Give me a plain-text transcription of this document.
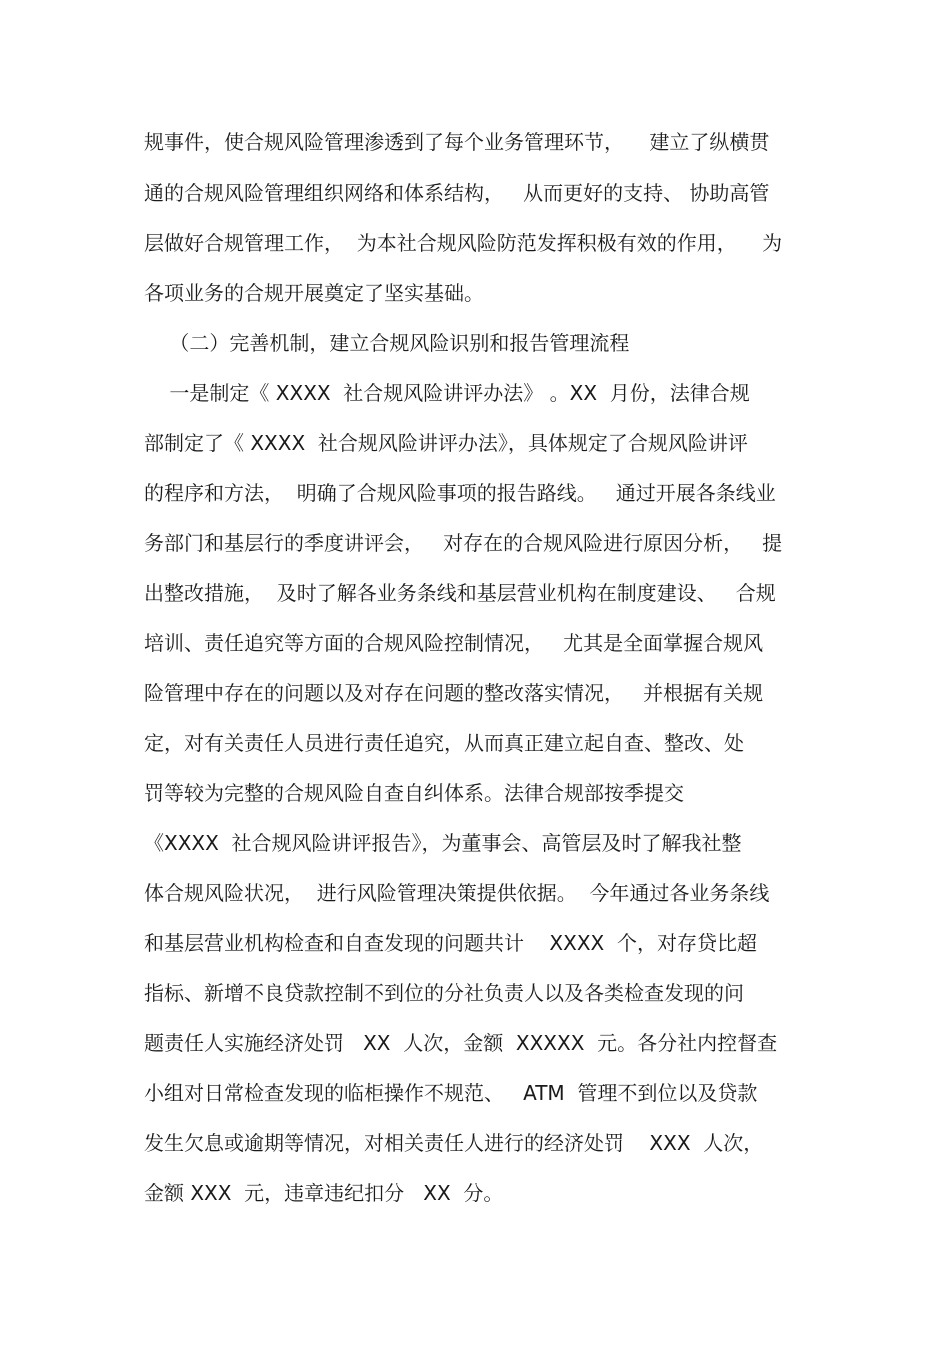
规事件，使合规风险管理渗透到了每个业务管理环节，    建立了纵横贯
通的合规风险管理组织网络和体系结构，   从而更好的支持、 协助高管
层做好合规管理工作，  为本社合规风险防范发挥积极有效的作用，    为
各项业务的合规开展奠定了坚实基础。
（二）完善机制，建立合规风险识别和报告管理流程
一是制定《 XXXX  社合规风险讲评办法》 。XX  月份，法律合规
部制定了《 XXXX  社合规风险讲评办法》，具体规定了合规风险讲评
的程序和方法，  明确了合规风险事项的报告路线。   通过开展各条线业
务部门和基层行的季度讲评会，   对存在的合规风险进行原因分析，   提
出整改措施，  及时了解各业务条线和基层营业机构在制度建设、   合规
培训、责任追究等方面的合规风险控制情况，   尤其是全面掌握合规风
险管理中存在的问题以及对存在问题的整改落实情况，   并根据有关规
定，对有关责任人员进行责任追究，从而真正建立起自查、整改、处
罚等较为完整的合规风险自查自纠体系。法律合规部按季提交
《XXXX  社合规风险讲评报告》，为董事会、高管层及时了解我社整
体合规风险状况，  进行风险管理决策提供依据。  今年通过各业务条线
和基层营业机构检查和自查发现的问题共计    XXXX  个，对存贷比超
指标、新增不良贷款控制不到位的分社负责人以及各类检查发现的问
题责任人实施经济处罚   XX  人次，金额  XXXXX  元。各分社内控督查
小组对日常检查发现的临柜操作不规范、   ATM  管理不到位以及贷款
发生欠息或逾期等情况，对相关责任人进行的经济处罚    XXX  人次，
金额 XXX  元，违章违纪扣分   XX  分。
